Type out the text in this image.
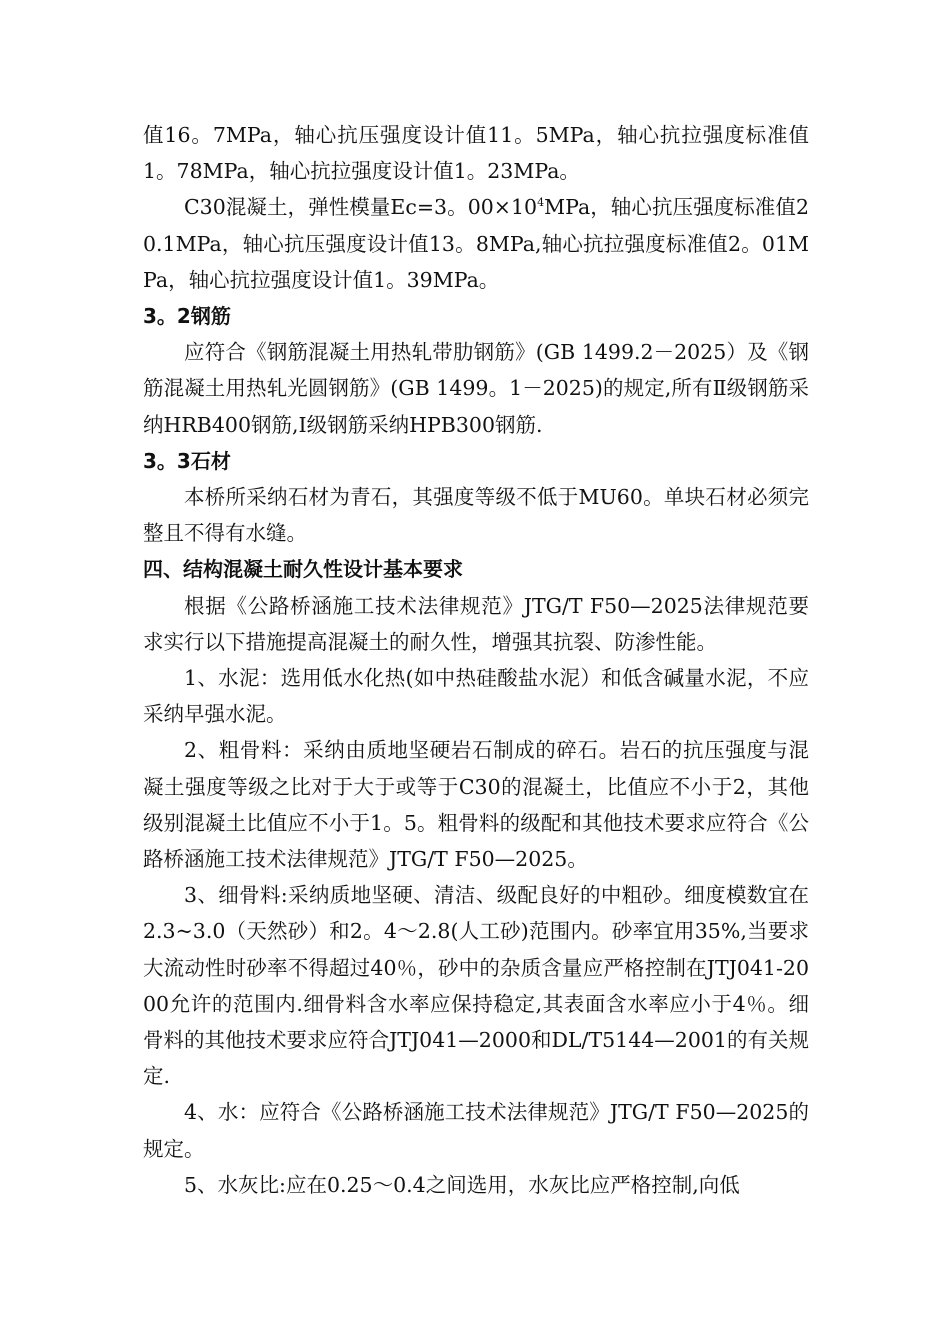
值16。7MPa，轴心抗压强度设计值11。5MPa，轴心抗拉强度标准值1。78MPa，轴心抗拉强度设计值1。23MPa。

C30混凝土，弹性模量Ec=3。$00\times 10^4MPa$，轴心抗压强度标准值20.1MPa，轴心抗压强度设计值13。8MPa,轴心抗拉强度标准值2。01MPa，轴心抗拉强度设计值1。39MPa。

3。2钢筋

应符合《钢筋混凝土用热轧带肋钢筋》(GB 1499.2－2025）及《钢筋混凝土用热轧光圆钢筋》(GB 1499。1－2025)的规定,所有Ⅱ级钢筋采纳HRB400钢筋,Ⅰ级钢筋采纳HPB300钢筋.

3。3石材

本桥所采纳石材为青石，其强度等级不低于MU60。单块石材必须完整且不得有水缝。

四、结构混凝土耐久性设计基本要求

根据《公路桥涵施工技术法律规范》JTG/T F50—2025法律规范要求实行以下措施提高混凝土的耐久性，增强其抗裂、防渗性能。

1、水泥：选用低水化热(如中热硅酸盐水泥）和低含碱量水泥，不应采纳早强水泥。

2、粗骨料：采纳由质地坚硬岩石制成的碎石。岩石的抗压强度与混凝土强度等级之比对于大于或等于C30的混凝土，比值应不小于2，其他级别混凝土比值应不小于1。5。粗骨料的级配和其他技术要求应符合《公路桥涵施工技术法律规范》JTG/T F50—2025。

3、细骨料:采纳质地坚硬、清洁、级配良好的中粗砂。细度模数宜在2.3~3.0（天然砂）和2。4～2.8(人工砂)范围内。砂率宜用35%,当要求大流动性时砂率不得超过40％，砂中的杂质含量应严格控制在JTJ041-2000允许的范围内.细骨料含水率应保持稳定,其表面含水率应小于4％。细骨料的其他技术要求应符合JTJ041—2000和DL/T5144—2001的有关规定.

4、水：应符合《公路桥涵施工技术法律规范》JTG/T F50—2025的规定。

5、水灰比:应在0.25～0.4之间选用，水灰比应严格控制,向低
